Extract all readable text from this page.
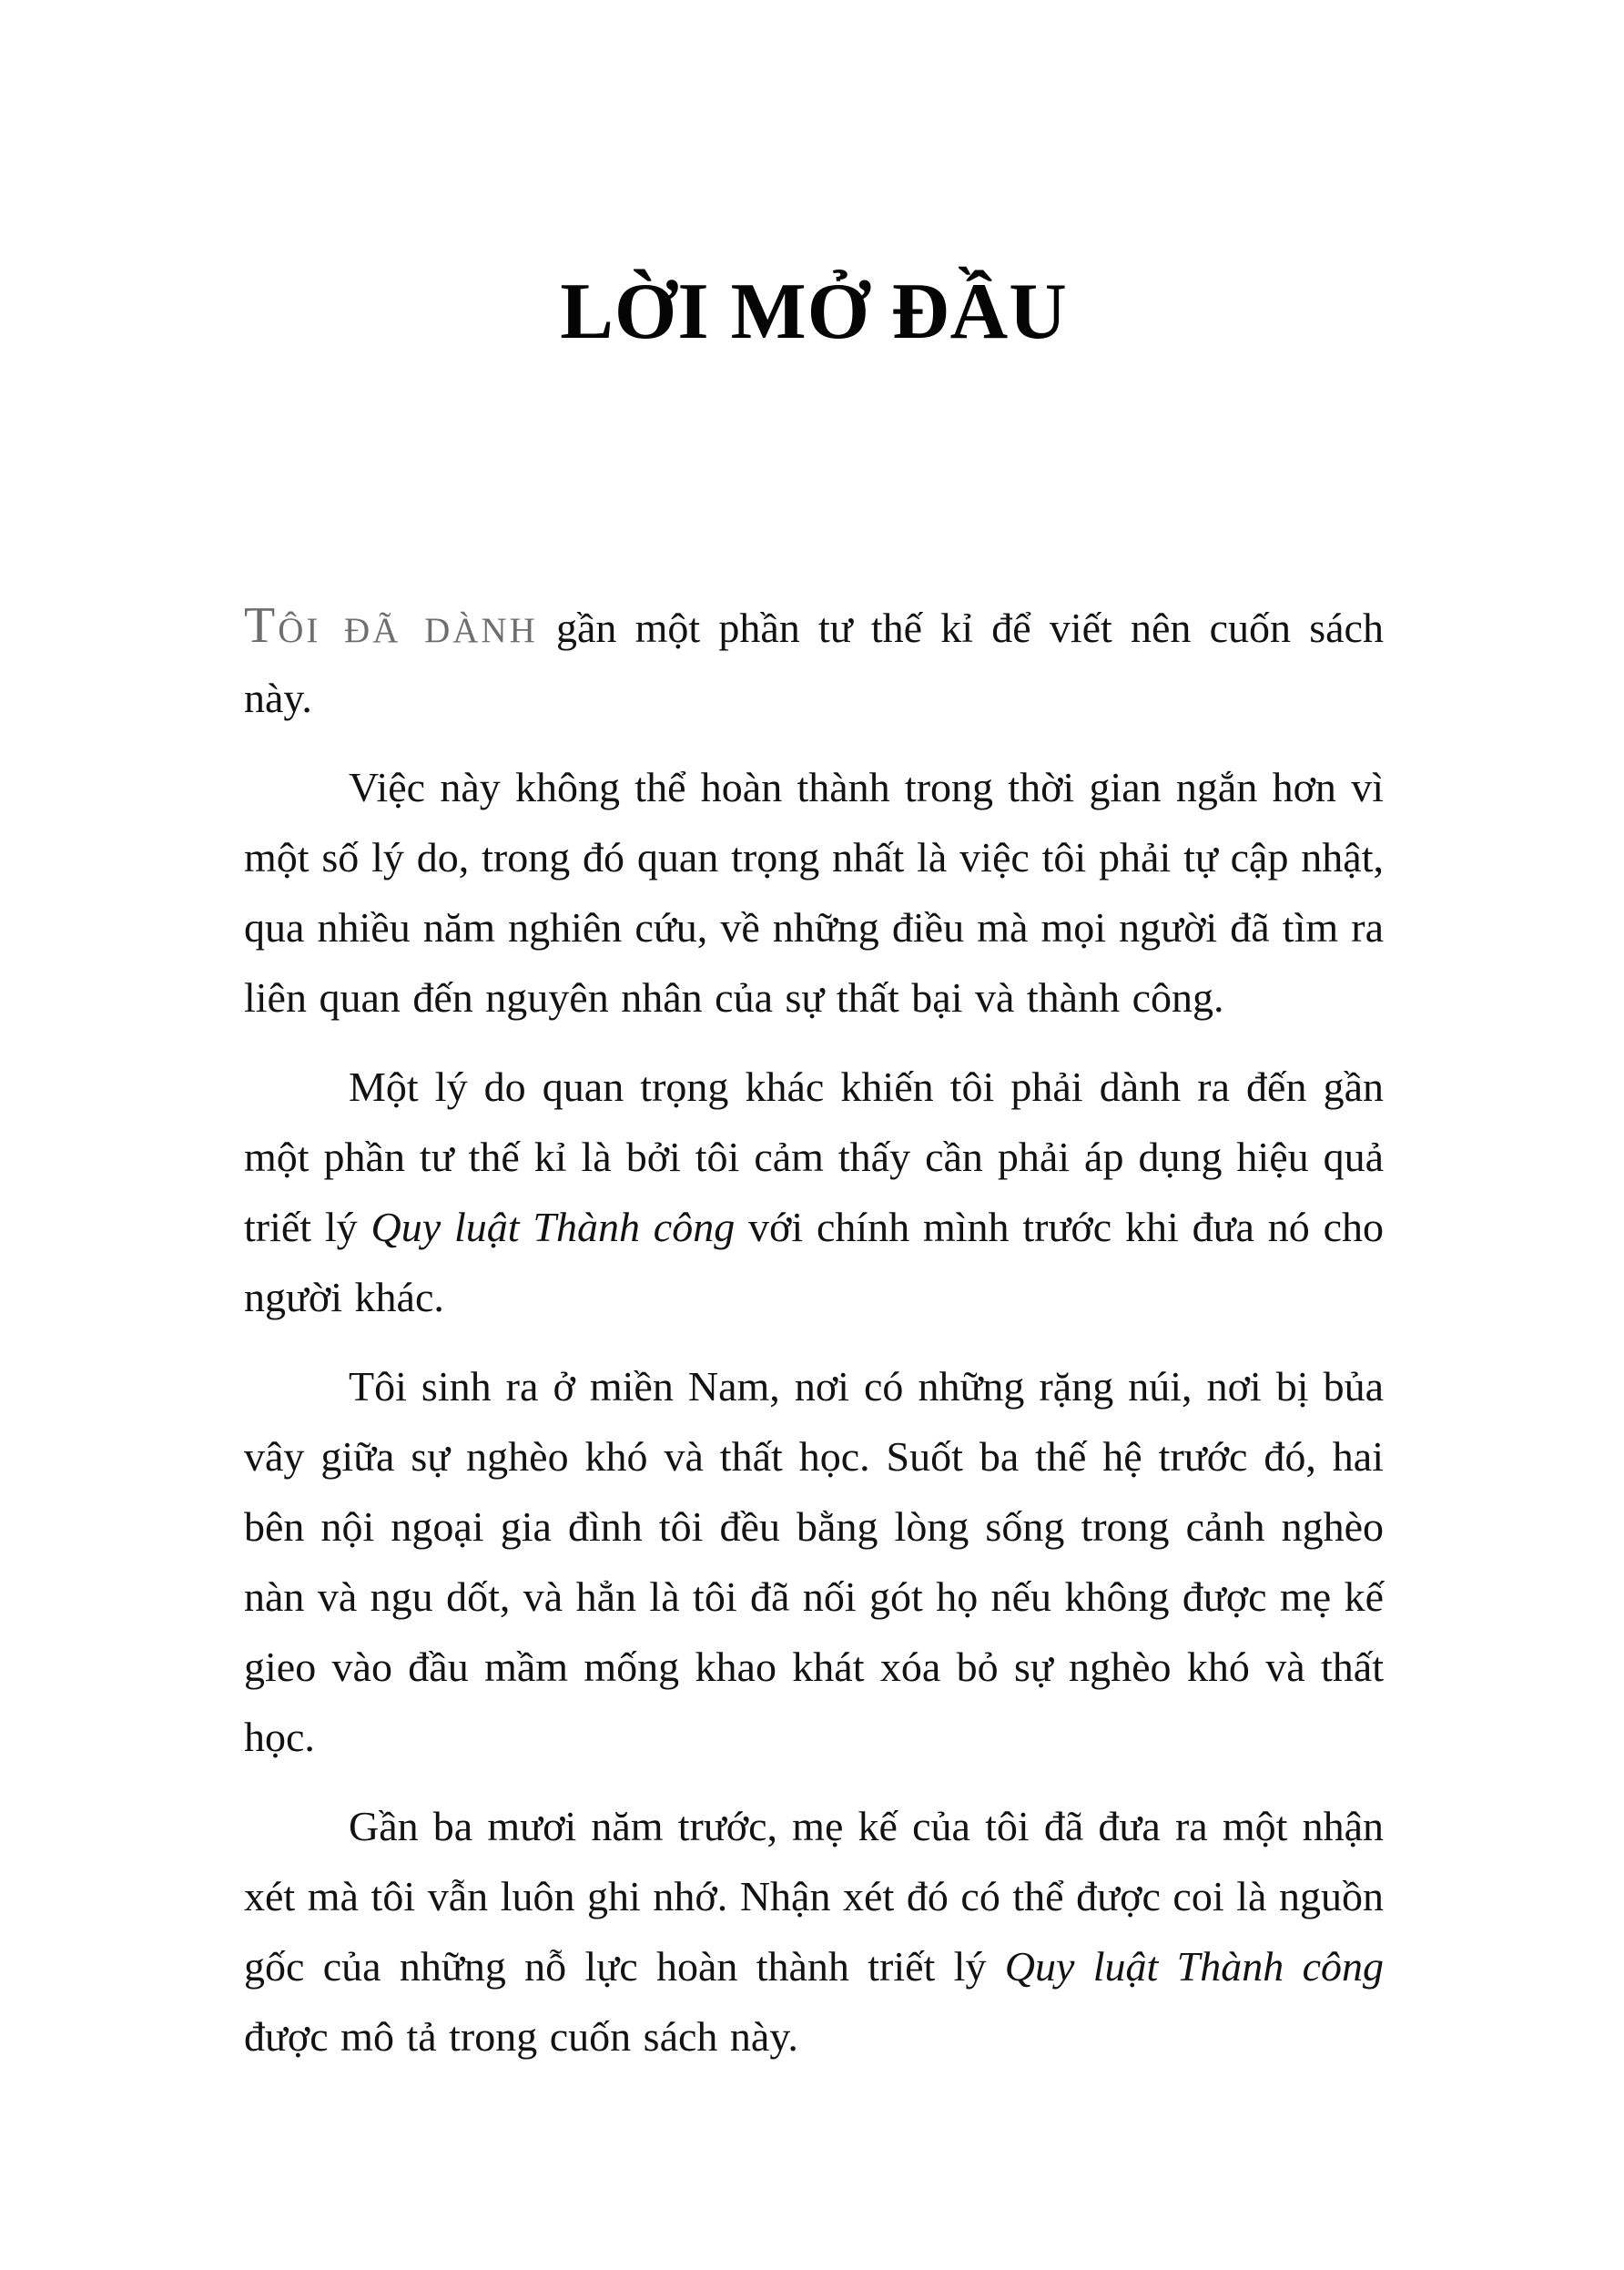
LỜI MỞ ĐẦU

Tôi đã dành gần một phần tư thế kỉ để viết nên cuốn sách này.

Việc này không thể hoàn thành trong thời gian ngắn hơn vì một số lý do, trong đó quan trọng nhất là việc tôi phải tự cập nhật, qua nhiều năm nghiên cứu, về những điều mà mọi người đã tìm ra liên quan đến nguyên nhân của sự thất bại và thành công.

Một lý do quan trọng khác khiến tôi phải dành ra đến gần một phần tư thế kỉ là bởi tôi cảm thấy cần phải áp dụng hiệu quả triết lý Quy luật Thành công với chính mình trước khi đưa nó cho người khác.

Tôi sinh ra ở miền Nam, nơi có những rặng núi, nơi bị bủa vây giữa sự nghèo khó và thất học. Suốt ba thế hệ trước đó, hai bên nội ngoại gia đình tôi đều bằng lòng sống trong cảnh nghèo nàn và ngu dốt, và hẳn là tôi đã nối gót họ nếu không được mẹ kế gieo vào đầu mầm mống khao khát xóa bỏ sự nghèo khó và thất học.

Gần ba mươi năm trước, mẹ kế của tôi đã đưa ra một nhận xét mà tôi vẫn luôn ghi nhớ. Nhận xét đó có thể được coi là nguồn gốc của những nỗ lực hoàn thành triết lý Quy luật Thành công được mô tả trong cuốn sách này.
